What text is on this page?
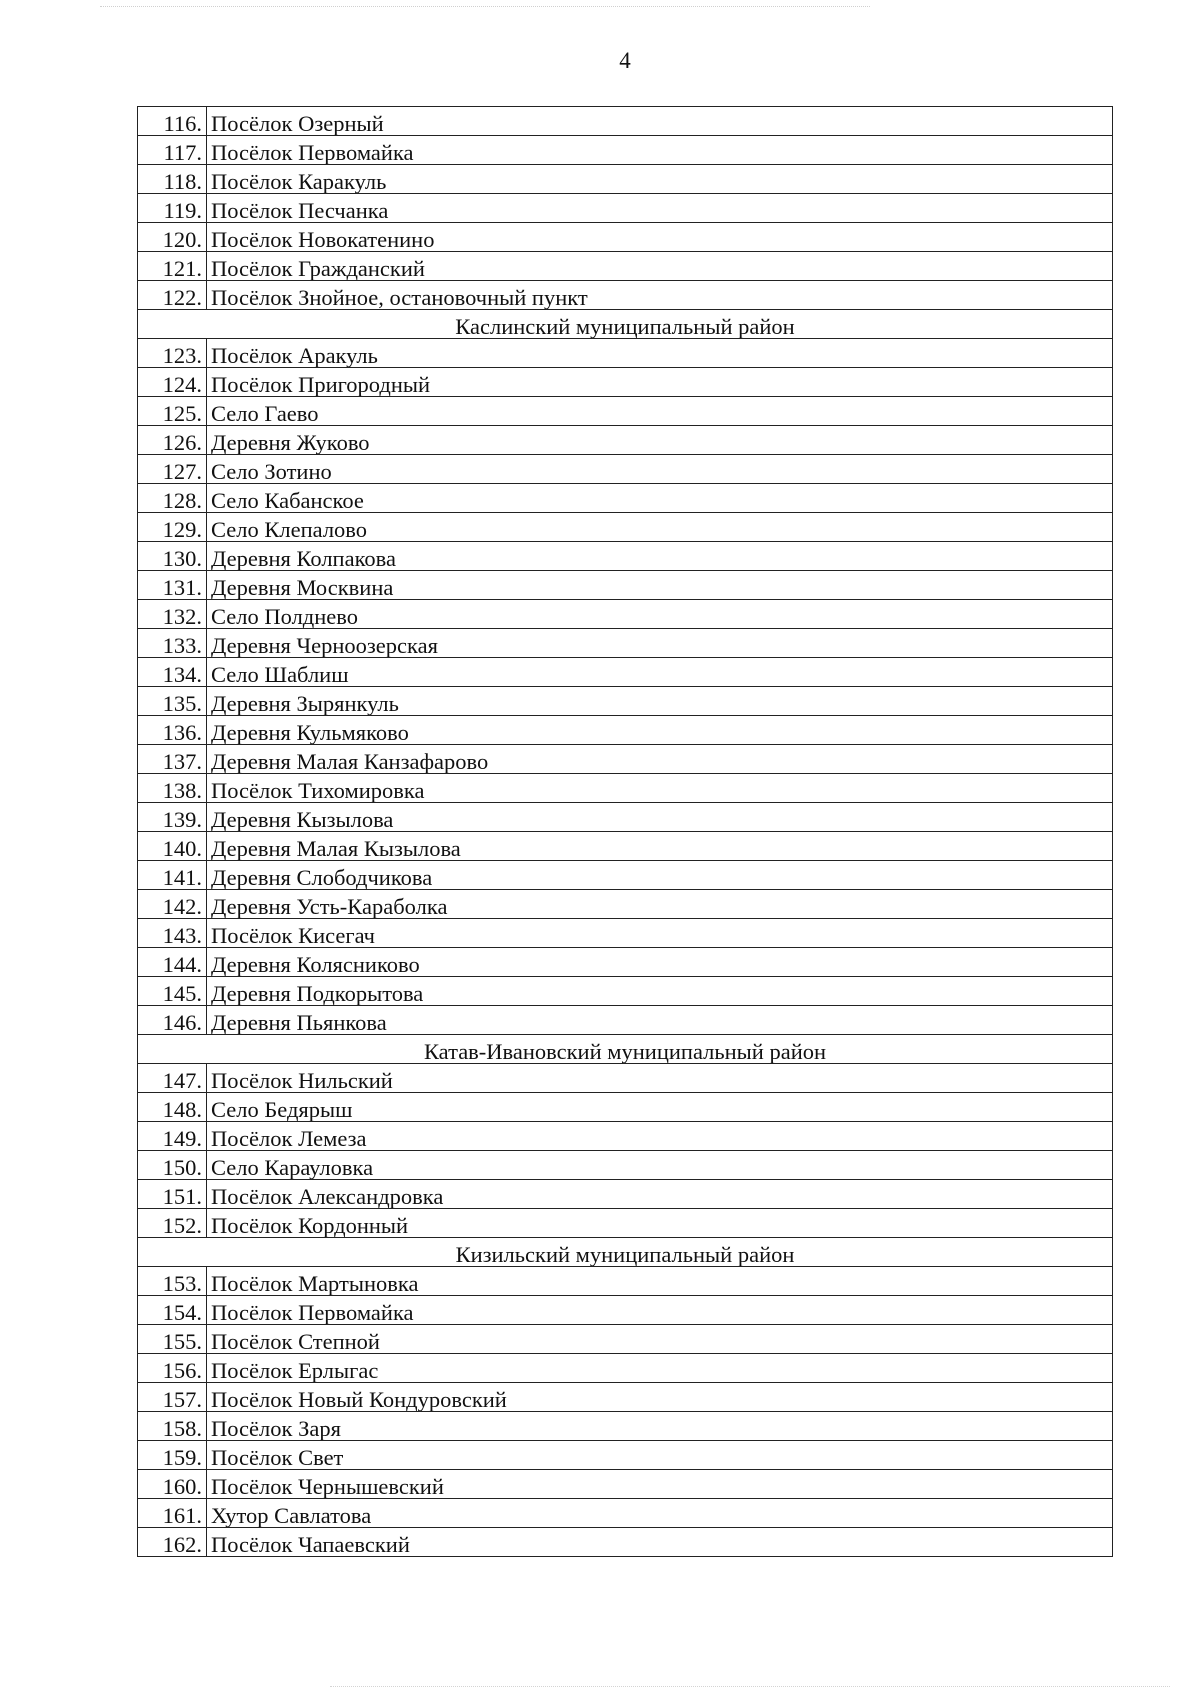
4
116.	Посёлок Озерный
117.	Посёлок Первомайка
118.	Посёлок Каракуль
119.	Посёлок Песчанка
120.	Посёлок Новокатенино
121.	Посёлок Гражданский
122.	Посёлок Знойное, остановочный пункт
Каслинский муниципальный район	
123.	Посёлок Аракуль
124.	Посёлок Пригородный
125.	Село Гаево
126.	Деревня Жуково
127.	Село Зотино
128.	Село Кабанское
129.	Село Клепалово
130.	Деревня Колпакова
131.	Деревня Москвина
132.	Село Полднево
133.	Деревня Черноозерская
134.	Село Шаблиш
135.	Деревня Зырянкуль
136.	Деревня Кульмяково
137.	Деревня Малая Канзафарово
138.	Посёлок Тихомировка
139.	Деревня Кызылова
140.	Деревня Малая Кызылова
141.	Деревня Слободчикова
142.	Деревня Усть-Караболка
143.	Посёлок Кисегач
144.	Деревня Колясниково
145.	Деревня Подкорытова
146.	Деревня Пьянкова
Катав-Ивановский муниципальный район	
147.	Посёлок Нильский
148.	Село Бедярыш
149.	Посёлок Лемеза
150.	Село Карауловка
151.	Посёлок Александровка
152.	Посёлок Кордонный
Кизильский муниципальный район	
153.	Посёлок Мартыновка
154.	Посёлок Первомайка
155.	Посёлок Степной
156.	Посёлок Ерлыгас
157.	Посёлок Новый Кондуровский
158.	Посёлок Заря
159.	Посёлок Свет
160.	Посёлок Чернышевский
161.	Хутор Савлатова
162.	Посёлок Чапаевский
